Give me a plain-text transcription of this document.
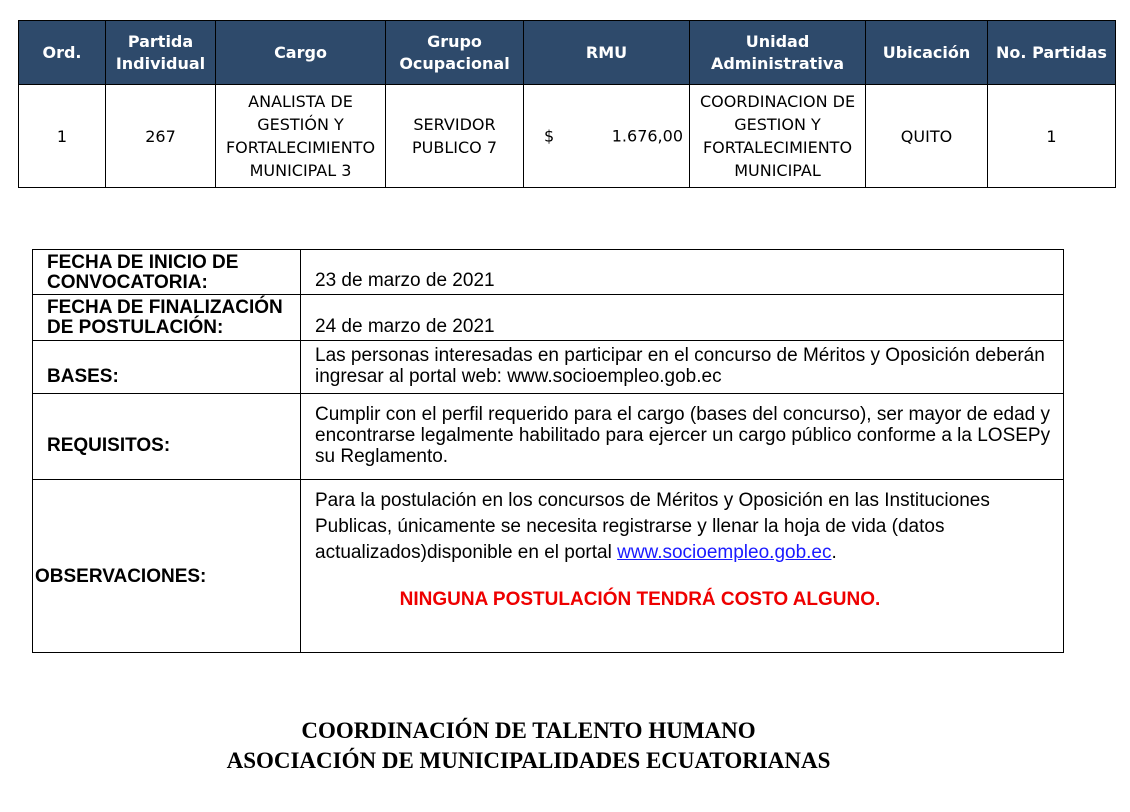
Ord.	Partida Individual	Cargo	Grupo Ocupacional	RMU	Unidad Administrativa	Ubicación	No. Partidas
1	267	ANALISTA DE GESTIÓN Y FORTALECIMIENTO MUNICIPAL 3	SERVIDOR PUBLICO 7	$ 1.676,00	COORDINACION DE GESTION Y FORTALECIMIENTO MUNICIPAL	QUITO	1
FECHA DE INICIO DE CONVOCATORIA:	23 de marzo de 2021
FECHA DE FINALIZACIÓN DE POSTULACIÓN:	24 de marzo de 2021
BASES:	Las personas interesadas en participar en el concurso de Méritos y Oposición deberán ingresar al portal web: www.socioempleo.gob.ec
REQUISITOS:	Cumplir con el perfil requerido para el cargo (bases del concurso), ser mayor de edad y encontrarse legalmente habilitado para ejercer un cargo público conforme a la LOSEPy su Reglamento.
OBSERVACIONES:	Para la postulación en los concursos de Méritos y Oposición en las Instituciones Publicas, únicamente se necesita registrarse y llenar la hoja de vida (datos actualizados)disponible en el portal www.socioempleo.gob.ec.
NINGUNA POSTULACIÓN TENDRÁ COSTO ALGUNO.
COORDINACIÓN DE TALENTO HUMANO
ASOCIACIÓN DE MUNICIPALIDADES ECUATORIANAS
